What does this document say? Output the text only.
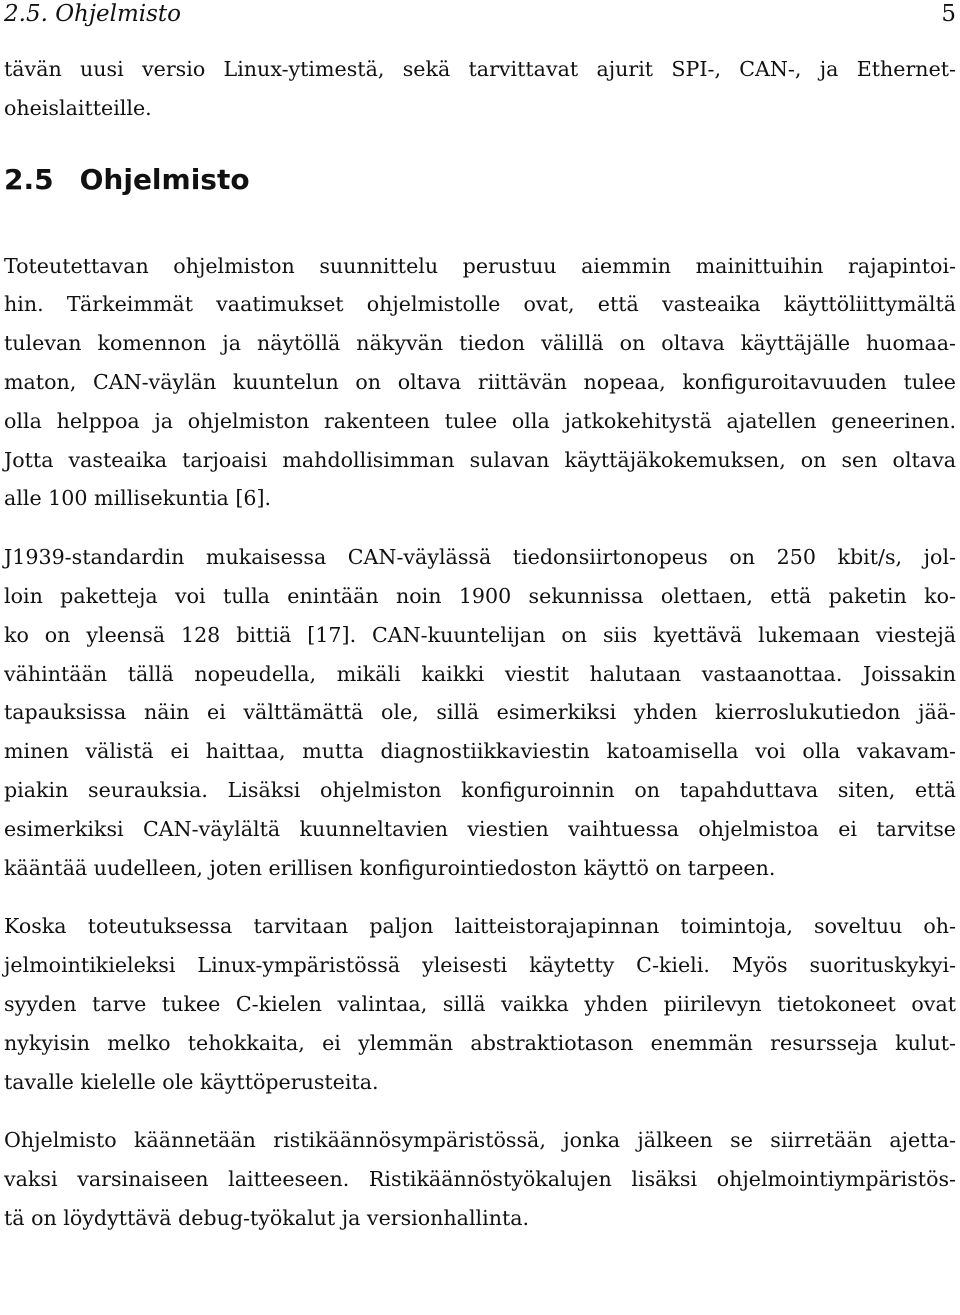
2.5. Ohjelmisto	5
tävän uusi versio Linux-ytimestä, sekä tarvittavat ajurit SPI-, CAN-, ja Ethernet-
oheislaitteille.
2.5 Ohjelmisto
Toteutettavan ohjelmiston suunnittelu perustuu aiemmin mainittuihin rajapintoi-
hin. Tärkeimmät vaatimukset ohjelmistolle ovat, että vasteaika käyttöliittymältä
tulevan komennon ja näytöllä näkyvän tiedon välillä on oltava käyttäjälle huomaa-
maton, CAN-väylän kuuntelun on oltava riittävän nopeaa, konfiguroitavuuden tulee
olla helppoa ja ohjelmiston rakenteen tulee olla jatkokehitystä ajatellen geneerinen.
Jotta vasteaika tarjoaisi mahdollisimman sulavan käyttäjäkokemuksen, on sen oltava
alle 100 millisekuntia [6].
J1939-standardin mukaisessa CAN-väylässä tiedonsiirtonopeus on 250 kbit/s, jol-
loin paketteja voi tulla enintään noin 1900 sekunnissa olettaen, että paketin ko-
ko on yleensä 128 bittiä [17]. CAN-kuuntelijan on siis kyettävä lukemaan viestejä
vähintään tällä nopeudella, mikäli kaikki viestit halutaan vastaanottaa. Joissakin
tapauksissa näin ei välttämättä ole, sillä esimerkiksi yhden kierroslukutiedon jää-
minen välistä ei haittaa, mutta diagnostiikkaviestin katoamisella voi olla vakavam-
piakin seurauksia. Lisäksi ohjelmiston konfiguroinnin on tapahduttava siten, että
esimerkiksi CAN-väylältä kuunneltavien viestien vaihtuessa ohjelmistoa ei tarvitse
kääntää uudelleen, joten erillisen konfigurointiedoston käyttö on tarpeen.
Koska toteutuksessa tarvitaan paljon laitteistorajapinnan toimintoja, soveltuu oh-
jelmointikieleksi Linux-ympäristössä yleisesti käytetty C-kieli. Myös suorituskykyi-
syyden tarve tukee C-kielen valintaa, sillä vaikka yhden piirilevyn tietokoneet ovat
nykyisin melko tehokkaita, ei ylemmän abstraktiotason enemmän resursseja kulut-
tavalle kielelle ole käyttöperusteita.
Ohjelmisto käännetään ristikäännösympäristössä, jonka jälkeen se siirretään ajetta-
vaksi varsinaiseen laitteeseen. Ristikäännöstyökalujen lisäksi ohjelmointiympäristös-
tä on löydyttävä debug-työkalut ja versionhallinta.
